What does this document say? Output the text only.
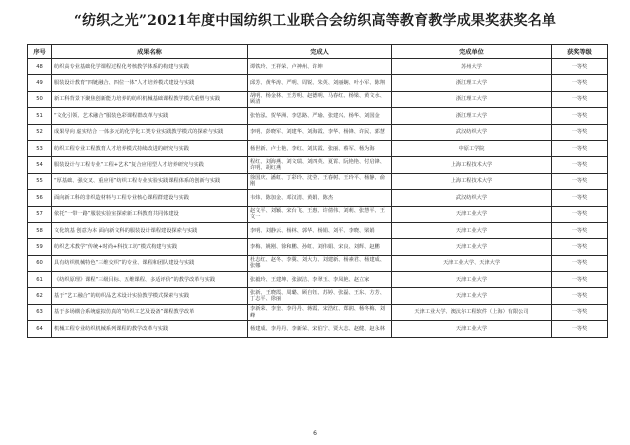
“纺织之光”2021年度中国纺织工业联合会纺织高等教育教学成果奖获奖名单
序号	成果名称	完成人	完成单位	获奖等级
48	纺织高专业基础化学课程过程化考核教学体系的构建与实践	谭铁玲、王祥荣、卢神州、许坤	苏州大学	一等奖
49	服装设计教育“四链融合、四位一体”人才培养模式建设与实践	邱芳、黄华涛、严明、周锐、朱英、刘丽娴、叶小军、陈翔	浙江理工大学	一等奖
50	新工科背景下聚焦创新能力培养的纺织机械基础课程教学模式重塑与实践	胡明、杨金林、王芳明、赵德明、马春红、杨梁、黄文水、顾清	浙江理工大学	一等奖
51	“文化引领、艺术融合”服装色彩课程群改革与实践	张怡泓、贺华洲、李思路、严瑜、张建兴、杨华、刘国金	浙江理工大学	一等奖
52	成果导向 虚实结合 一体多元的化学化工类专业实践教学模式的探索与实践	李明、彭晓军、刘建华、刘海霞、李华、杨锋、许民、郭慧	武汉纺织大学	一等奖
53	纺织工程专业工程教育人才培养模式持续改进的研究与实践	杨世新、卢士艳、李红、刘其霞、张丽、蔡军、杨为海	中原工学院	一等奖
54	服装设计与工程专业“工程+艺术”复合应用型人才培养研究与实践	程红、刘海燕、刘文瑞、刘四英、夏霄、阮艳艳、付启锋、许明、胡红燕	上海工程技术大学	一等奖
55	“厚基础、强交叉、重应用”纺织工程专业实验实践课程体系的创新与实践	徐国庆、潘虹、丁彩玲、沈莹、王春树、王玲平、杨静、俞刚	上海工程技术大学	一等奖
56	面向新工科的非织造材料与工程专业核心课程群建设与实践	韦炜、陈加金、邓汉清、黄娟、陈杰	武汉纺织大学	一等奖
57	依托“一带一路”服装实验室探索新工科教育共同体建设	赵文平、刘颖、宋台飞、王惠、许倩伟、刘莉、张慧平、王文一	天津工业大学	一等奖
58	文化筑基 创意为本 面向新文科的服装设计课程建设探索与实践	李明、刘静云、杨林、郭华、杨娟、刘平、李晓、梁娟	天津工业大学	一等奖
59	纺织艺术教学“传统+时尚+科技工坊”模式构建与实践	李梅、姚刚、徐和鹏、孙虹、刘伟娟、宋良、刘辉、赵鹏	天津工业大学	一等奖
60	具有纺织机械特色“三维交织”的专业、课程和团队建设与实践	杜志红、赵冬、李冀、刘大力、刘建新、杨素君、杨建成、张娜	天津工业大学、天津大学	一等奖
61	《纺织原理》课程“三级目标、五维课程、多适评价”的教学改革与实践	张毅玲、王建坤、张淑洁、李翠玉、李凤艳、赵立家	天津工业大学	一等奖
62	基于“艺工融合”的纺织品艺术设计实验教学模式探索与实践	张新、王晓霞、周璐、顾自钰、苏婷、张磊、王东、方芳、丁志平、徐丽	天津工业大学	一等奖
63	基于多场耦合系统虚拟仿真的“纺织工艺及设备”课程教学改革	李新荣、李奎、李丹丹、蒋霞、宋浩红、郑润、杨冬梅、刘峰	天津工业大学、澳汰尔工程软件（上海）有限公司	一等奖
64	机械工程专业纺织机械系列课程的教学改革与实践	杨建成、李丹丹、李新荣、宋伯宁、贾大志、赵健、赵永林	天津工业大学	一等奖
6
